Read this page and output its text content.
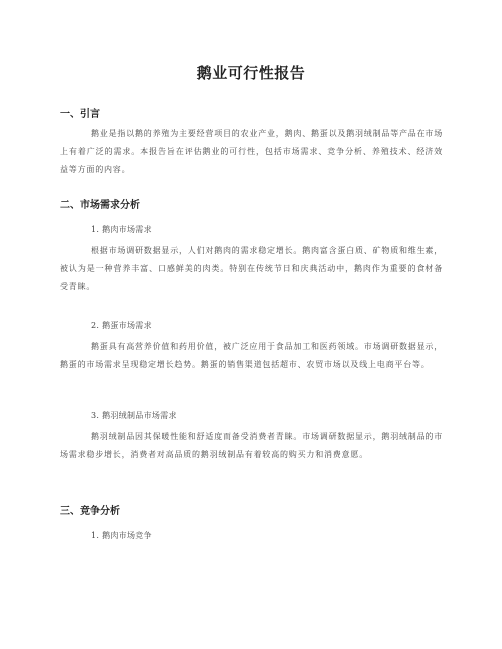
鹅业可行性报告
一、引言
鹅业是指以鹅的养殖为主要经营项目的农业产业，鹅肉、鹅蛋以及鹅羽绒制品等产品在市场上有着广泛的需求。本报告旨在评估鹅业的可行性，包括市场需求、竞争分析、养殖技术、经济效益等方面的内容。
二、市场需求分析
1. 鹅肉市场需求
根据市场调研数据显示，人们对鹅肉的需求稳定增长。鹅肉富含蛋白质、矿物质和维生素，被认为是一种营养丰富、口感鲜美的肉类。特别在传统节日和庆典活动中，鹅肉作为重要的食材备受青睐。
2. 鹅蛋市场需求
鹅蛋具有高营养价值和药用价值，被广泛应用于食品加工和医药领域。市场调研数据显示，鹅蛋的市场需求呈现稳定增长趋势。鹅蛋的销售渠道包括超市、农贸市场以及线上电商平台等。
3. 鹅羽绒制品市场需求
鹅羽绒制品因其保暖性能和舒适度而备受消费者青睐。市场调研数据显示，鹅羽绒制品的市场需求稳步增长，消费者对高品质的鹅羽绒制品有着较高的购买力和消费意愿。
三、竞争分析
1. 鹅肉市场竞争
